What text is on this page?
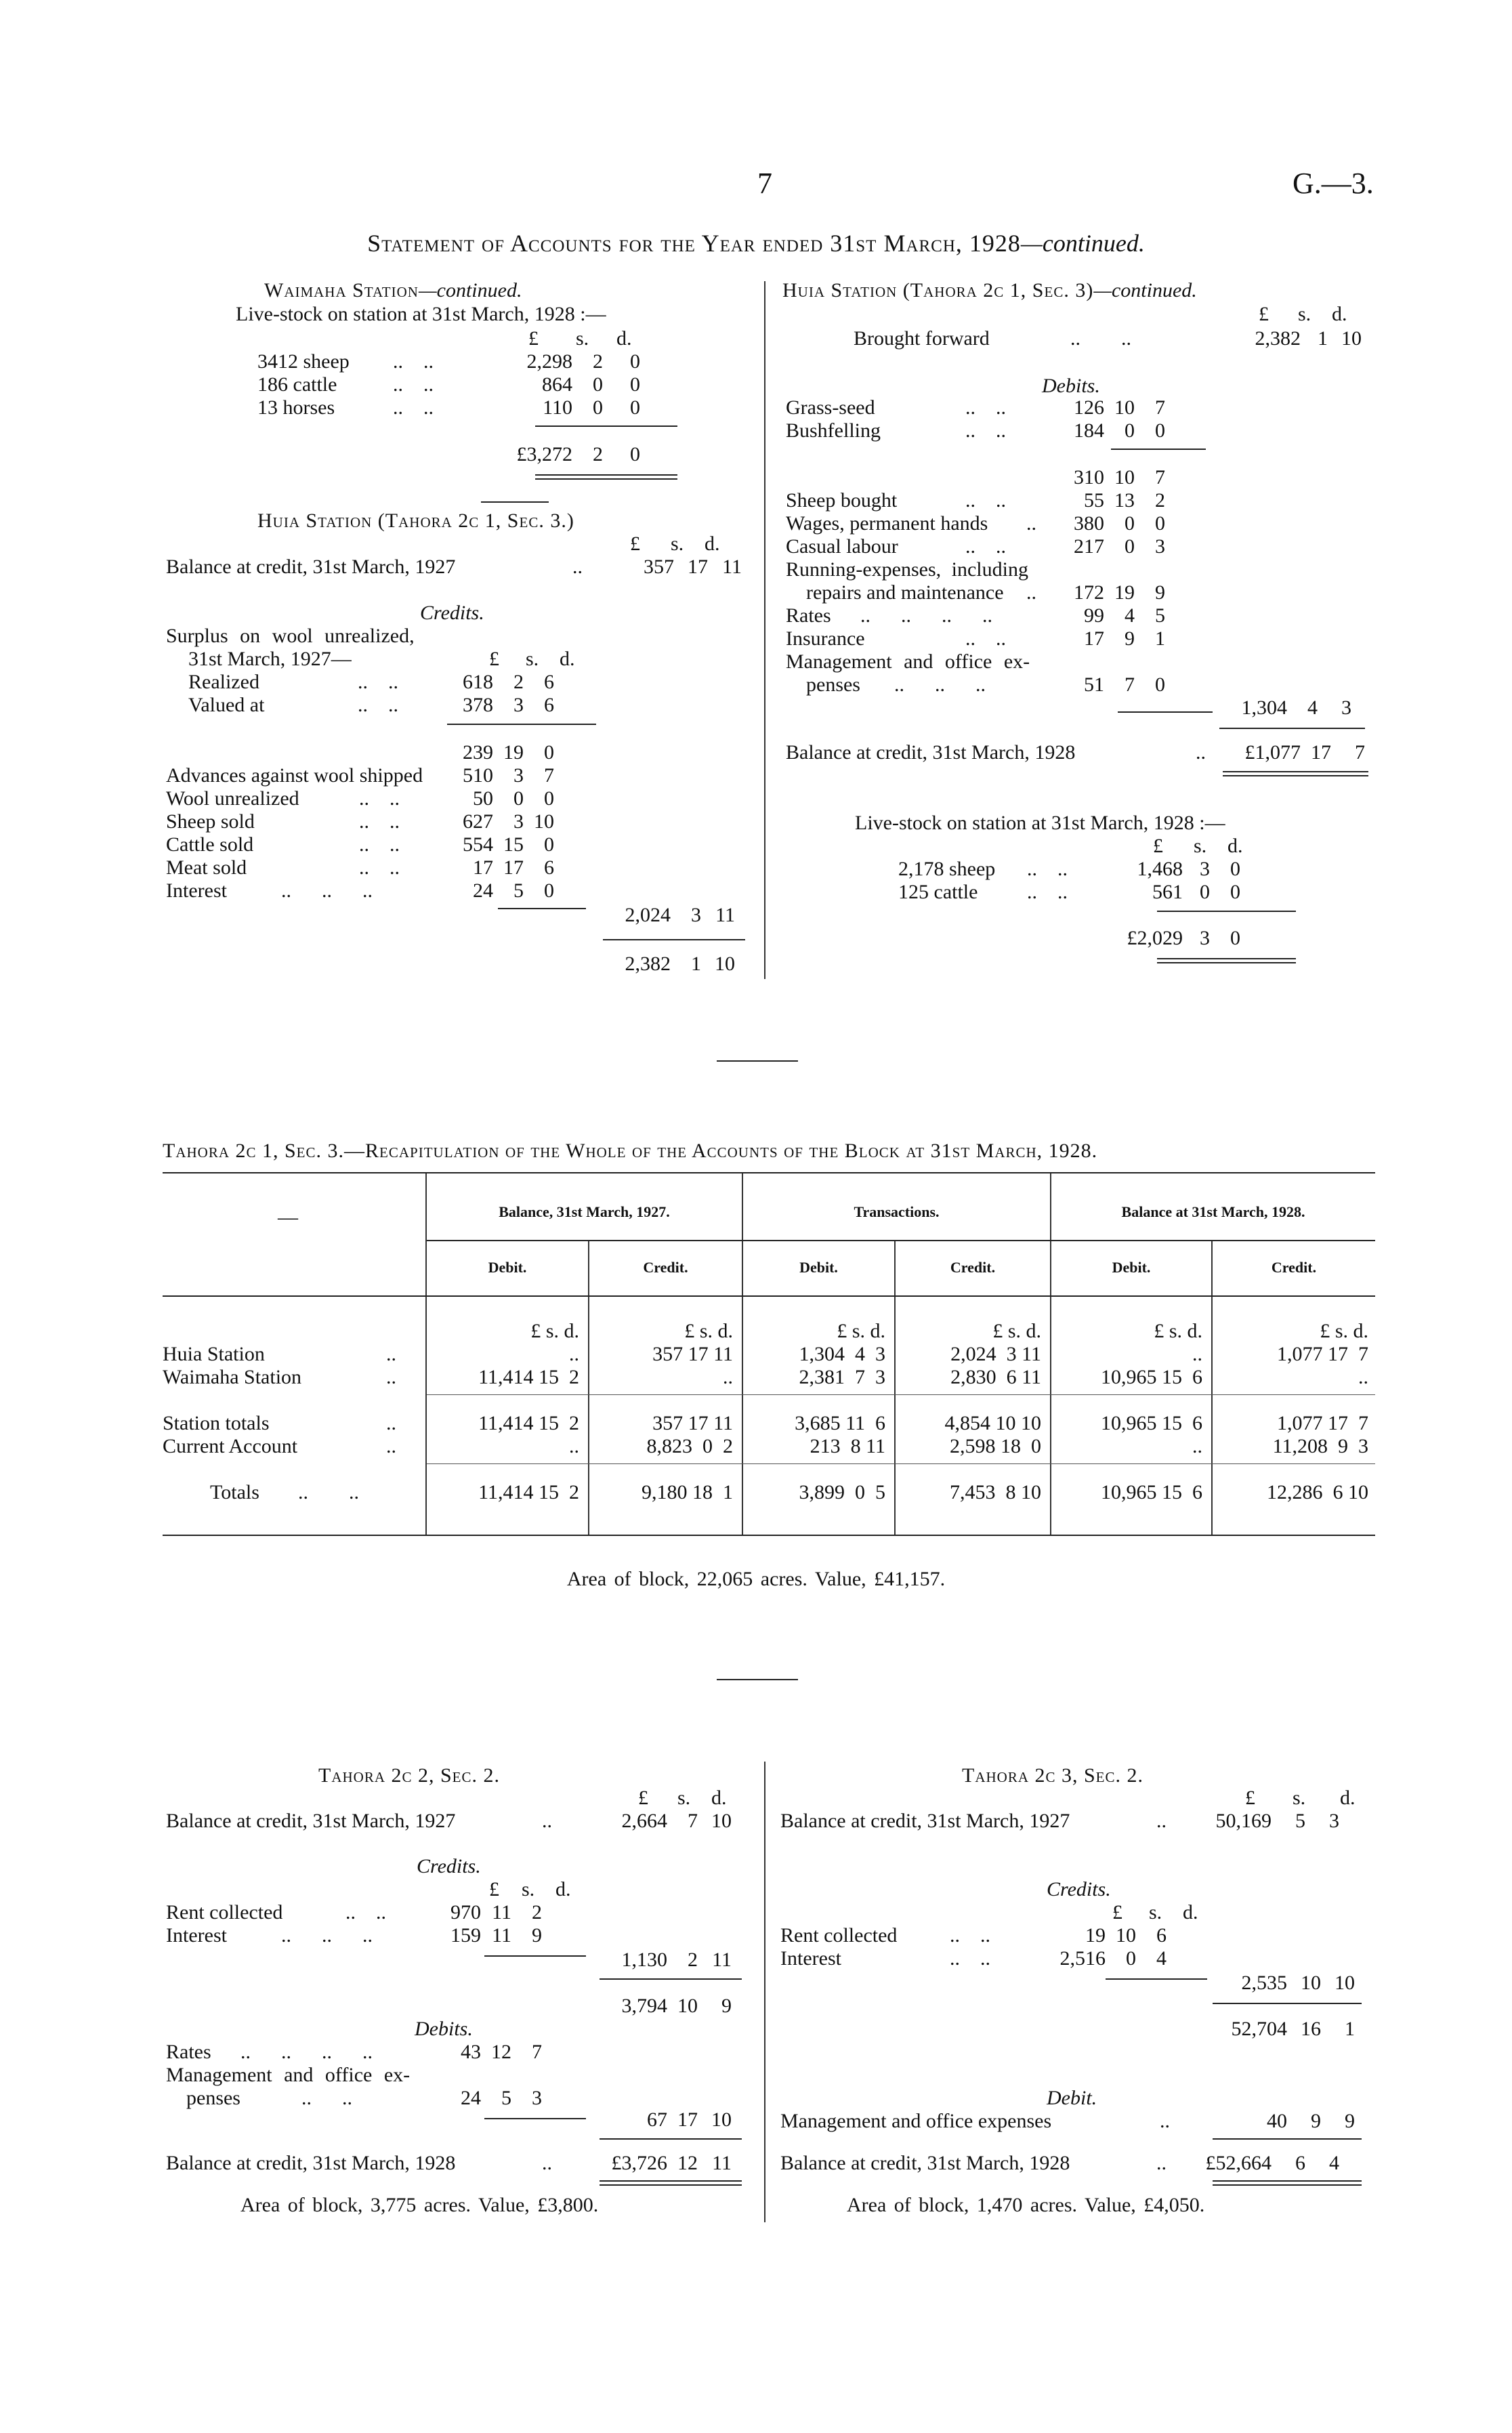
7	G.—3.
Statement of Accounts for the Year ended 31st March, 1928—continued.
Waimaha Station—continued.
Live-stock on station at 31st March, 1928 :—
£	s.	d.
3412 sheep ..    ..	2,298	2	0
186 cattle	..    ..	864	0	0
13 horses	..    ..	110	0	0
£3,272	2	0
Huia Station (Tahora 2c 1, Sec. 3.)
£ s. d.
Balance at credit, 31st March, 1927	..	357 17 11
Credits.
Surplus on wool unrealized,
31st March, 1927—	£ s. d.
Realized	..    ..	618	2	6
Valued at	..    ..	378	3	6
239 19	0
Advances against wool shipped	510	3	7
Wool unrealized	..    ..	50	0	0
Sheep sold	..    ..	627	3 10
Cattle sold	..    ..	554 15	0
Meat sold	..    ..	17 17	6
Interest	..      ..      ..	24	5	0
2,024	3 11
2,382	1 10
Huia Station (Tahora 2c 1, Sec. 3)—continued.
£ s. d.
Brought forward	..        ..	2,382 1 10
Debits.
Grass-seed	..    ..	126 10	7
Bushfelling	..    ..	184	0	0
310 10	7
Sheep bought	..    ..	55 13	2
Wages, permanent hands ..	380	0	0
Casual labour	..    ..	217	0	3
Running-expenses, including
repairs and maintenance ..	172 19	9
Rates ..      ..      ..      ..	99	4	5
Insurance	..    ..	17	9	1
Management and office ex-
penses ..      ..      ..	51	7	0
1,304	4	3
Balance at credit, 31st March, 1928	..	£1,077 17	7
Live-stock on station at 31st March, 1928 :—
£ s. d.
2,178 sheep ..    ..	1,468 3	0
125 cattle ..    ..	561 0	0
£2,029 3	0
Tahora 2c 1, Sec. 3.—Recapitulation of the Whole of the Accounts of the Block at 31st March, 1928.
—	Balance, 31st March, 1927.	Transactions.	Balance at 31st March, 1928.
Debit.	Credit.	Debit.	Credit.	Debit.	Credit.
£ s. d.	£ s. d.	£ s. d.	£ s. d.	£ s. d.	£ s. d.
Huia Station	..	..	357 17 11	1,304  4  3	2,024  3 11	..	1,077 17  7
Waimaha Station	..	11,414 15  2	..	2,381  7  3	2,830  6 11	10,965 15  6	..
Station totals	..	11,414 15  2	357 17 11	3,685 11  6	4,854 10 10	10,965 15  6	1,077 17  7
Current Account	..	..	8,823  0  2	213  8 11	2,598 18  0	..	11,208  9  3
Totals ..        ..	11,414 15  2	9,180 18  1	3,899  0  5	7,453  8 10	10,965 15  6	12,286  6 10
Area of block, 22,065 acres. Value, £41,157.
Tahora 2c 2, Sec. 2.
£ s. d.
Balance at credit, 31st March, 1927	..	2,664	7 10
Credits.
£ s. d.
Rent collected	..    ..	970 11	2
Interest	..      ..      ..	159 11	9
1,130	2 11
3,794 10	9
Debits.
Rates ..      ..      ..      ..	43 12	7
Management and office ex-
penses	..      ..	24	5	3
67 17 10
Balance at credit, 31st March, 1928	..	£3,726 12 11
Area of block, 3,775 acres. Value, £3,800.
Tahora 2c 3, Sec. 2.
£ s. d.
Balance at credit, 31st March, 1927	..	50,169	5	3
Credits.
£ s. d.
Rent collected	..    ..	19 10	6
Interest	..    ..	2,516	0	4
2,535 10 10
52,704 16	1
Debit.
Management and office expenses	..	40	9	9
Balance at credit, 31st March, 1928	..	£52,664	6	4
Area of block, 1,470 acres. Value, £4,050.
